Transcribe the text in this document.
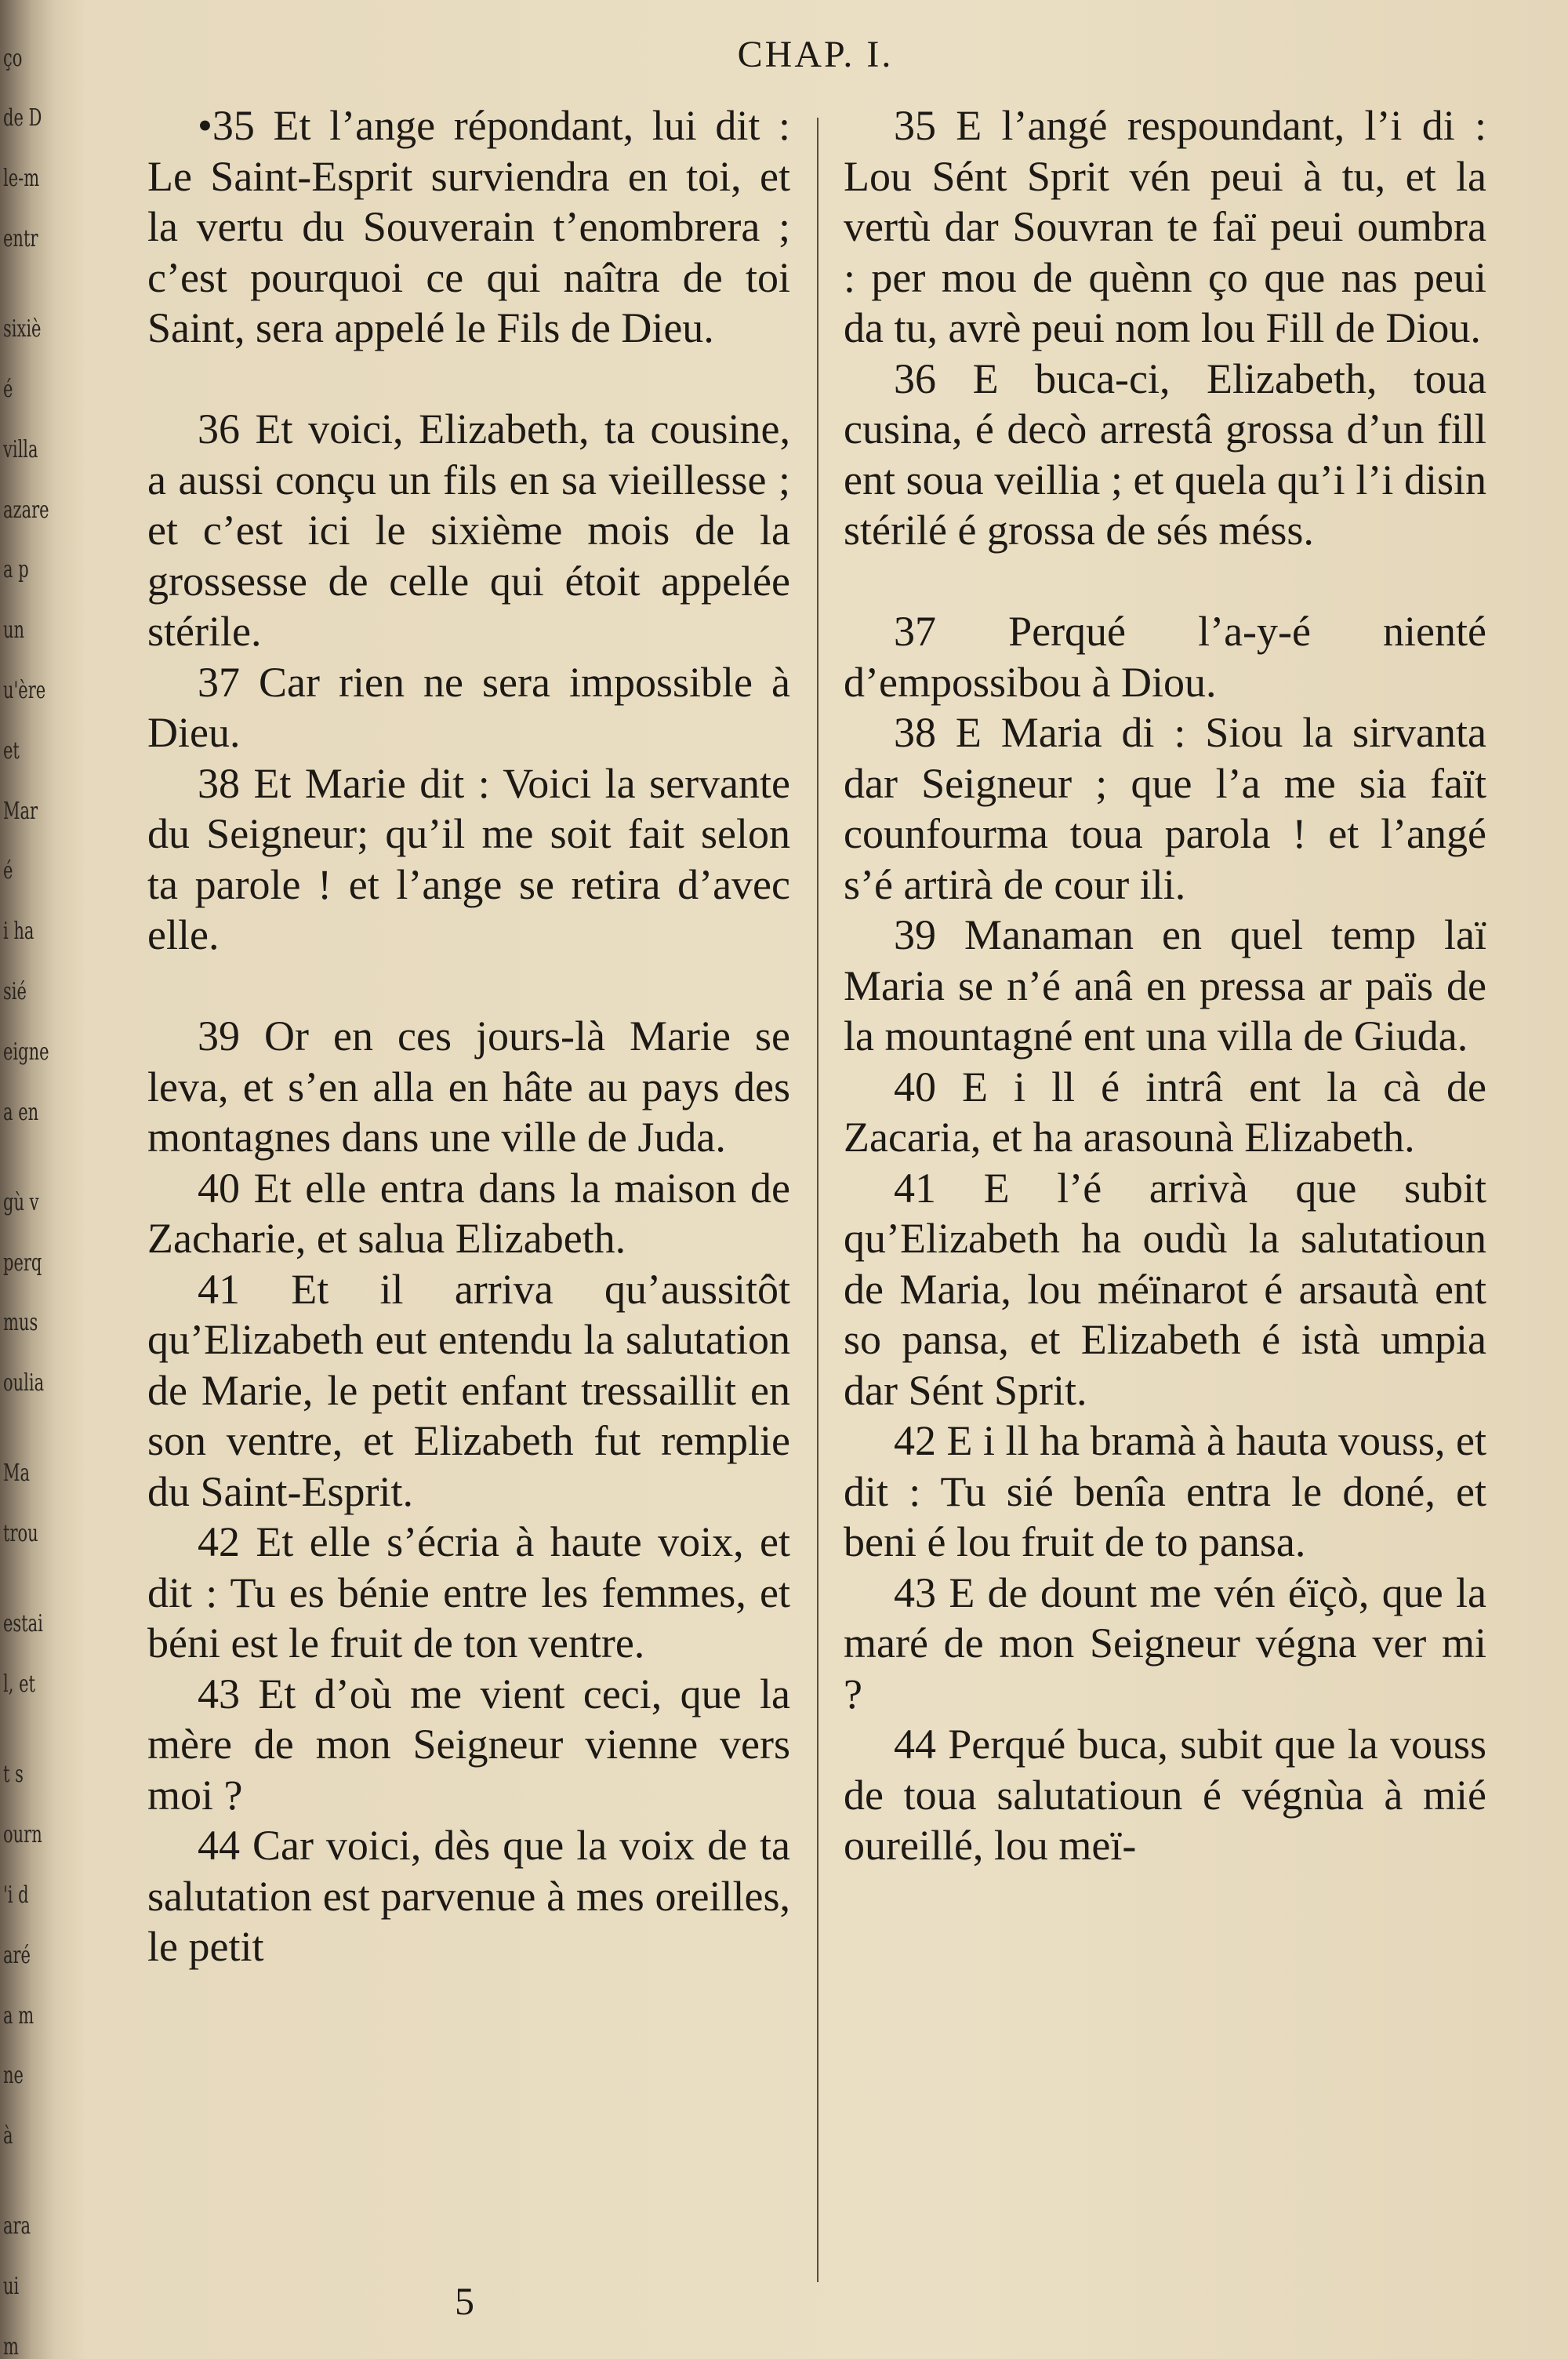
ço
de D
le-m
entr
sixiè
é
villa
azare
a p
un
u'ère
et
Mar
é
i ha
sié
eigne
a en
gù v
perq
mus
oulia
Ma
trou
estai
l, et
t s
ourn
'i d
aré
a m
ne
à
ara
ui
m
CHAP. I.

•35 Et l’ange répondant, lui dit : Le Saint-Esprit surviendra en toi, et la vertu du Souverain t’enombrera ; c’est pourquoi ce qui naîtra de toi Saint, sera appelé le Fils de Dieu.

36 Et voici, Elizabeth, ta cousine, a aussi conçu un fils en sa vieillesse ; et c’est ici le sixième mois de la grossesse de celle qui étoit appelée stérile.

37 Car rien ne sera impossible à Dieu.

38 Et Marie dit : Voici la servante du Seigneur; qu’il me soit fait selon ta parole ! et l’ange se retira d’avec elle.

39 Or en ces jours-là Marie se leva, et s’en alla en hâte au pays des montagnes dans une ville de Juda.

40 Et elle entra dans la maison de Zacharie, et salua Elizabeth.

41 Et il arriva qu’aussitôt qu’Elizabeth eut entendu la salutation de Marie, le petit enfant tressaillit en son ventre, et Elizabeth fut remplie du Saint-Esprit.

42 Et elle s’écria à haute voix, et dit : Tu es bénie entre les femmes, et béni est le fruit de ton ventre.

43 Et d’où me vient ceci, que la mère de mon Seigneur vienne vers moi ?

44 Car voici, dès que la voix de ta salutation est parvenue à mes oreilles, le petit

35 E l’angé respoundant, l’i di : Lou Sént Sprit vén peui à tu, et la vertù dar Souvran te faï peui oumbra : per mou de quènn ço que nas peui da tu, avrè peui nom lou Fill de Diou.

36 E buca-ci, Elizabeth, toua cusina, é decò arrestâ grossa d’un fill ent soua veillia ; et quela qu’i l’i disin stérilé é grossa de sés méss.

37 Perqué l’a-y-é nienté d’empossibou à Diou.

38 E Maria di : Siou la sirvanta dar Seigneur ; que l’a me sia faït counfourma toua parola ! et l’angé s’é artirà de cour ili.

39 Manaman en quel temp laï Maria se n’é anâ en pressa ar païs de la mountagné ent una villa de Giuda.

40 E i ll é intrâ ent la cà de Zacaria, et ha arasounà Elizabeth.

41 E l’é arrivà que subit qu’Elizabeth ha oudù la salutatioun de Maria, lou méïnarot é arsautà ent so pansa, et Elizabeth é istà umpia dar Sént Sprit.

42 E i ll ha bramà à hauta vouss, et dit : Tu sié benîa entra le doné, et beni é lou fruit de to pansa.

43 E de dount me vén éïçò, que la maré de mon Seigneur végna ver mi ?

44 Perqué buca, subit que la vouss de toua salutatioun é végnùa à mié oureillé, lou meï-

5
